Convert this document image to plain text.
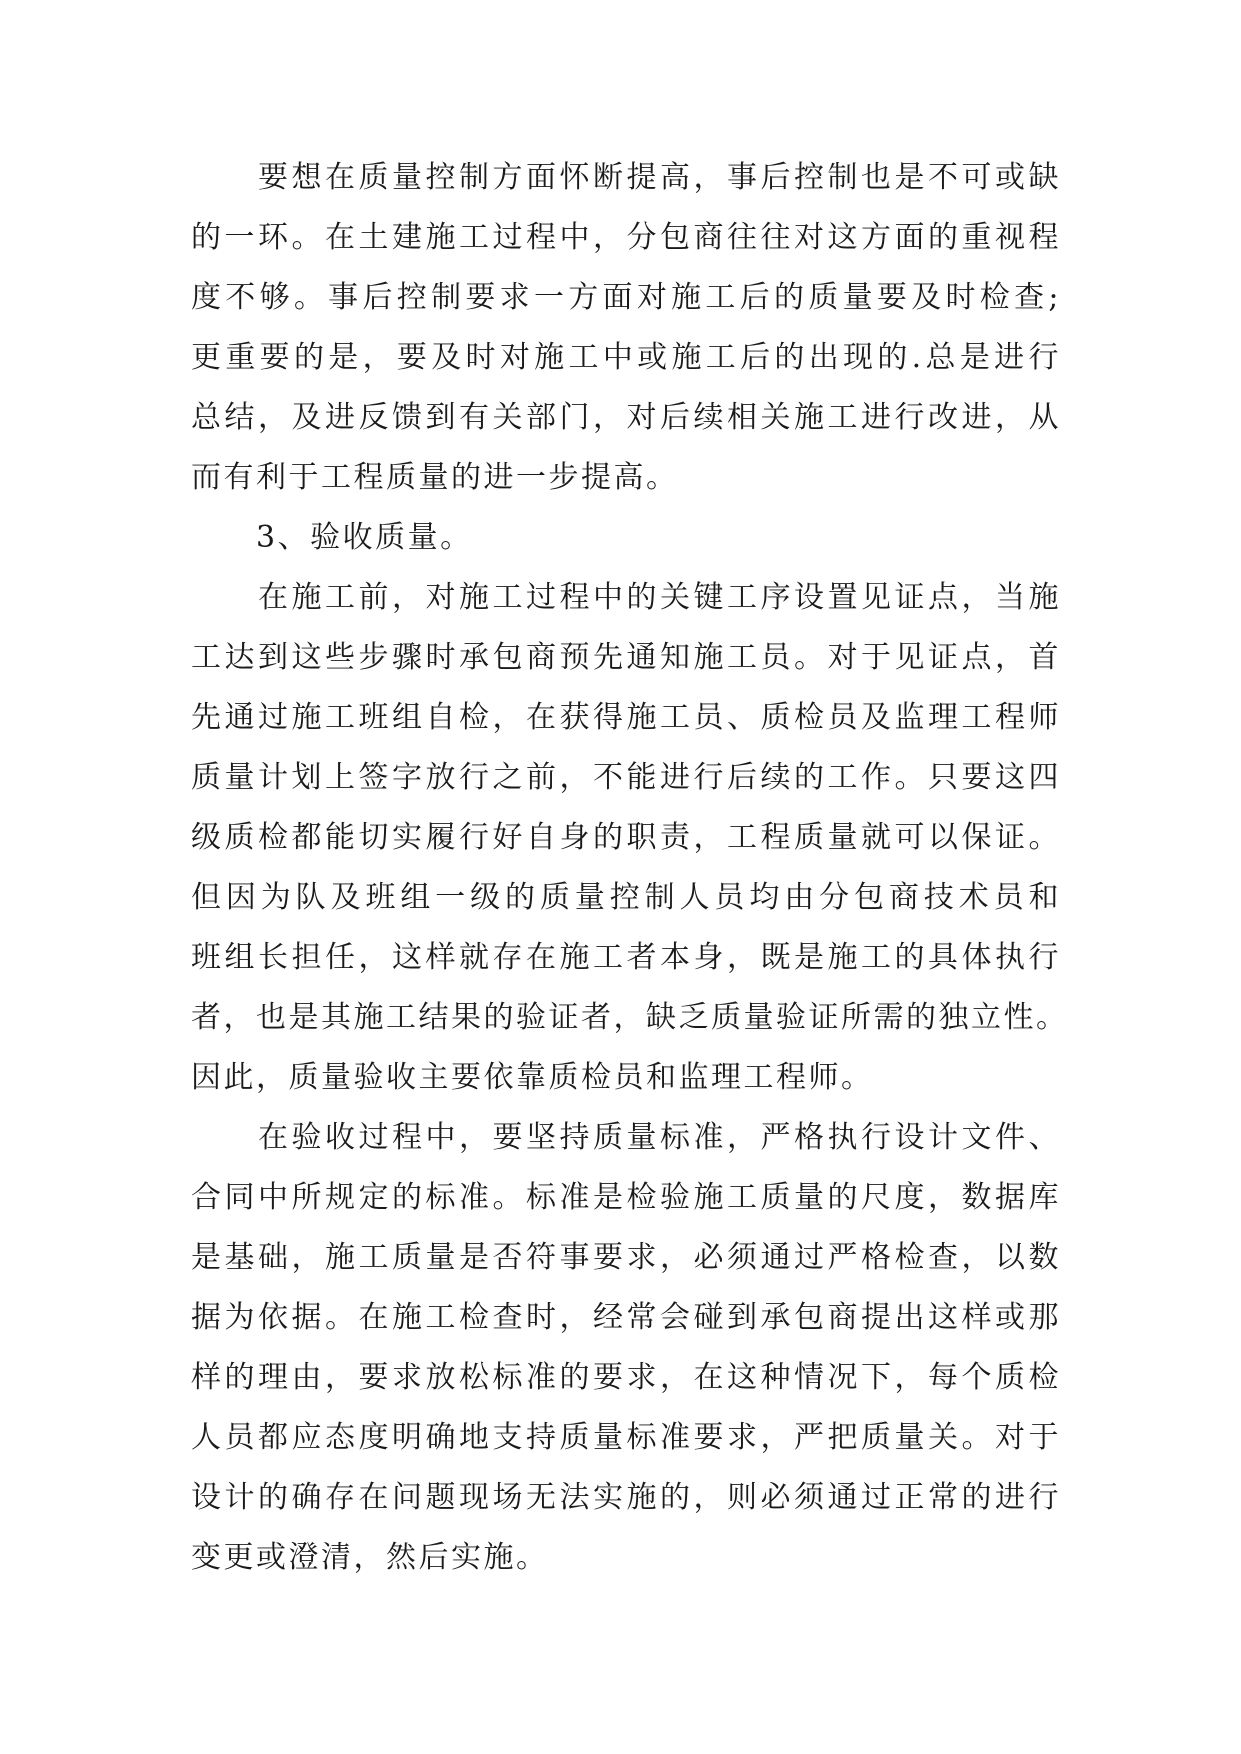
　　要想在质量控制方面怀断提高，事后控制也是不可或缺
的一环。在土建施工过程中，分包商往往对这方面的重视程
度不够。事后控制要求一方面对施工后的质量要及时检查;
更重要的是，要及时对施工中或施工后的出现的.总是进行
总结，及进反馈到有关部门，对后续相关施工进行改进，从
而有利于工程质量的进一步提高。
　　3、验收质量。
　　在施工前，对施工过程中的关键工序设置见证点，当施
工达到这些步骤时承包商预先通知施工员。对于见证点，首
先通过施工班组自检，在获得施工员、质检员及监理工程师
质量计划上签字放行之前，不能进行后续的工作。只要这四
级质检都能切实履行好自身的职责，工程质量就可以保证。
但因为队及班组一级的质量控制人员均由分包商技术员和
班组长担任，这样就存在施工者本身，既是施工的具体执行
者，也是其施工结果的验证者，缺乏质量验证所需的独立性。
因此，质量验收主要依靠质检员和监理工程师。
　　在验收过程中，要坚持质量标准，严格执行设计文件、
合同中所规定的标准。标准是检验施工质量的尺度，数据库
是基础，施工质量是否符事要求，必须通过严格检查，以数
据为依据。在施工检查时，经常会碰到承包商提出这样或那
样的理由，要求放松标准的要求，在这种情况下，每个质检
人员都应态度明确地支持质量标准要求，严把质量关。对于
设计的确存在问题现场无法实施的，则必须通过正常的进行
变更或澄清，然后实施。
